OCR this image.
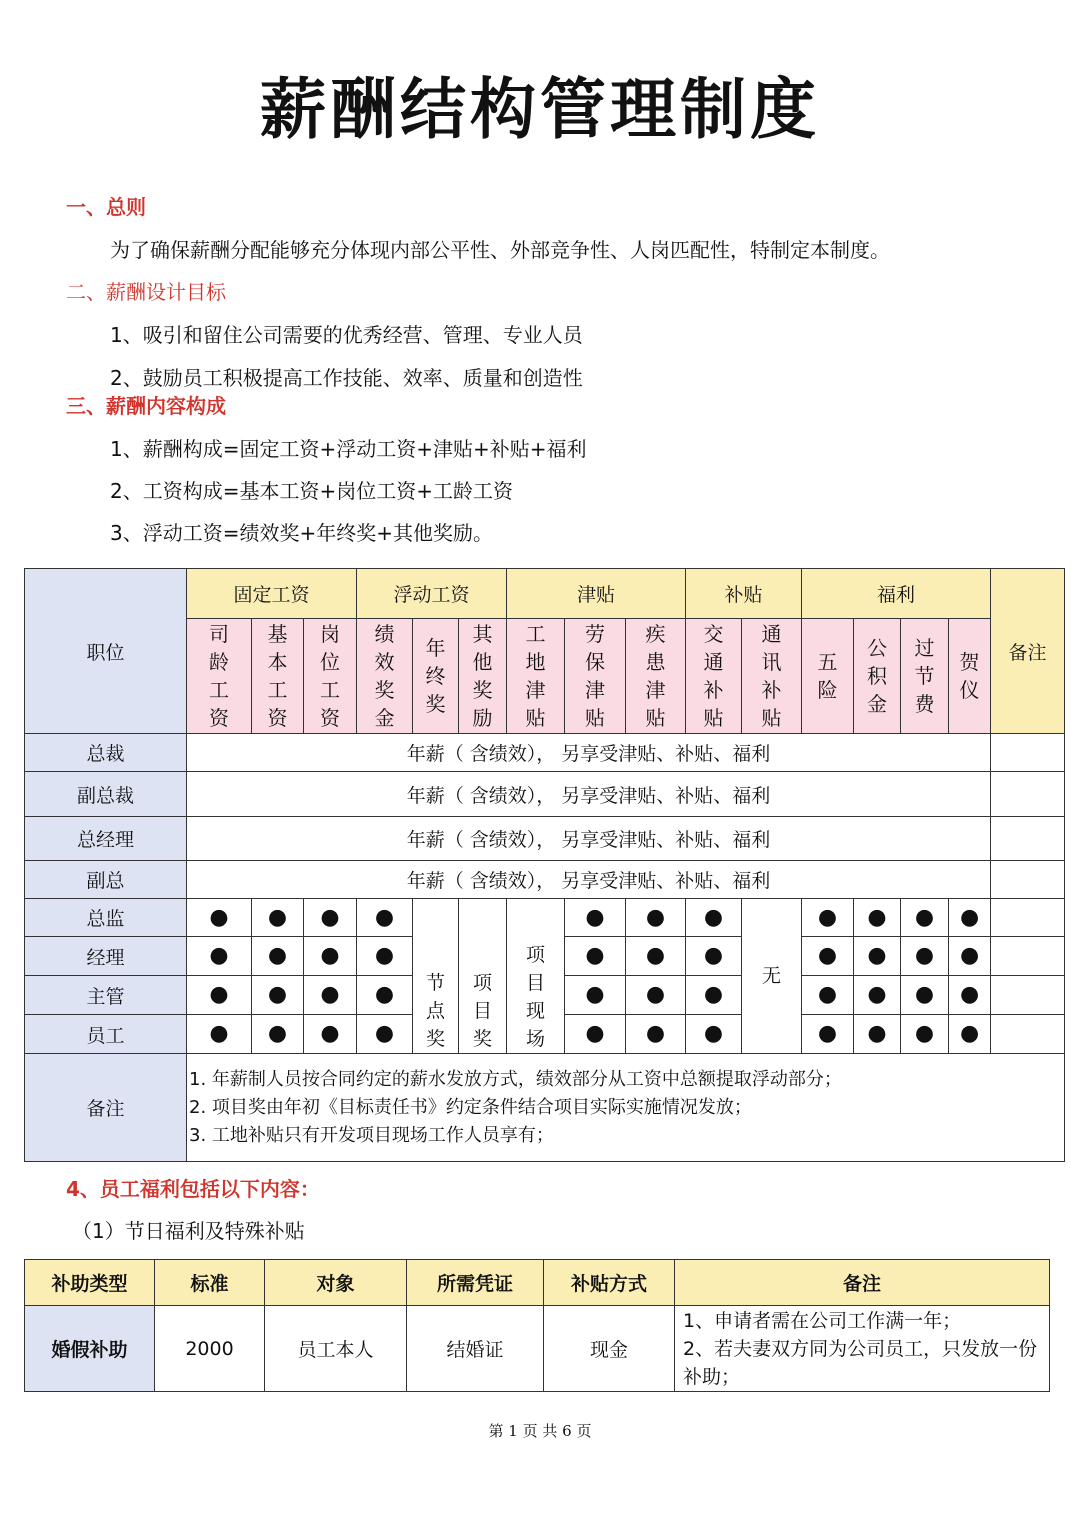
薪酬结构管理制度
一、总则
为了确保薪酬分配能够充分体现内部公平性、外部竞争性、人岗匹配性，特制定本制度。
二、薪酬设计目标
1、吸引和留住公司需要的优秀经营、管理、专业人员
2、鼓励员工积极提高工作技能、效率、质量和创造性
三、薪酬内容构成
1、薪酬构成=固定工资+浮动工资+津贴+补贴+福利
2、工资构成=基本工资+岗位工资+工龄工资
3、浮动工资=绩效奖+年终奖+其他奖励。
职位	固定工资			浮动工资			津贴			补贴		福利				备注
	司龄工资	基本工资	岗位工资	绩效奖金	年终奖	其他奖励	工地津贴	劳保津贴	疾患津贴	交通补贴	通讯补贴	五险	公积金	过节费	贺仪	
总裁	年薪（ 含绩效）， 另享受津贴、补贴、福利															
副总裁	年薪（ 含绩效）， 另享受津贴、补贴、福利															
总经理	年薪（ 含绩效）， 另享受津贴、补贴、福利															
副总	年薪（ 含绩效）， 另享受津贴、补贴、福利															
总监	●	●	●	●	节点奖	项目奖	项目现场	●	●	●	无	●	●	●	●	
经理	●	●	●	●				●	●	●		●	●	●	●	
主管	●	●	●	●				●	●	●		●	●	●	●	
员工	●	●	●	●				●	●	●		●	●	●	●	
备注	1. 年薪制人员按合同约定的薪水发放方式，绩效部分从工资中总额提取浮动部分；
2. 项目奖由年初《目标责任书》约定条件结合项目实际实施情况发放；
3. 工地补贴只有开发项目现场工作人员享有；															
4、员工福利包括以下内容：
（1）节日福利及特殊补贴
补助类型	标准	对象	所需凭证	补贴方式	备注
婚假补助	2000	员工本人	结婚证	现金	1、申请者需在公司工作满一年；
2、若夫妻双方同为公司员工，只发放一份补助；
第 1 页 共 6 页
